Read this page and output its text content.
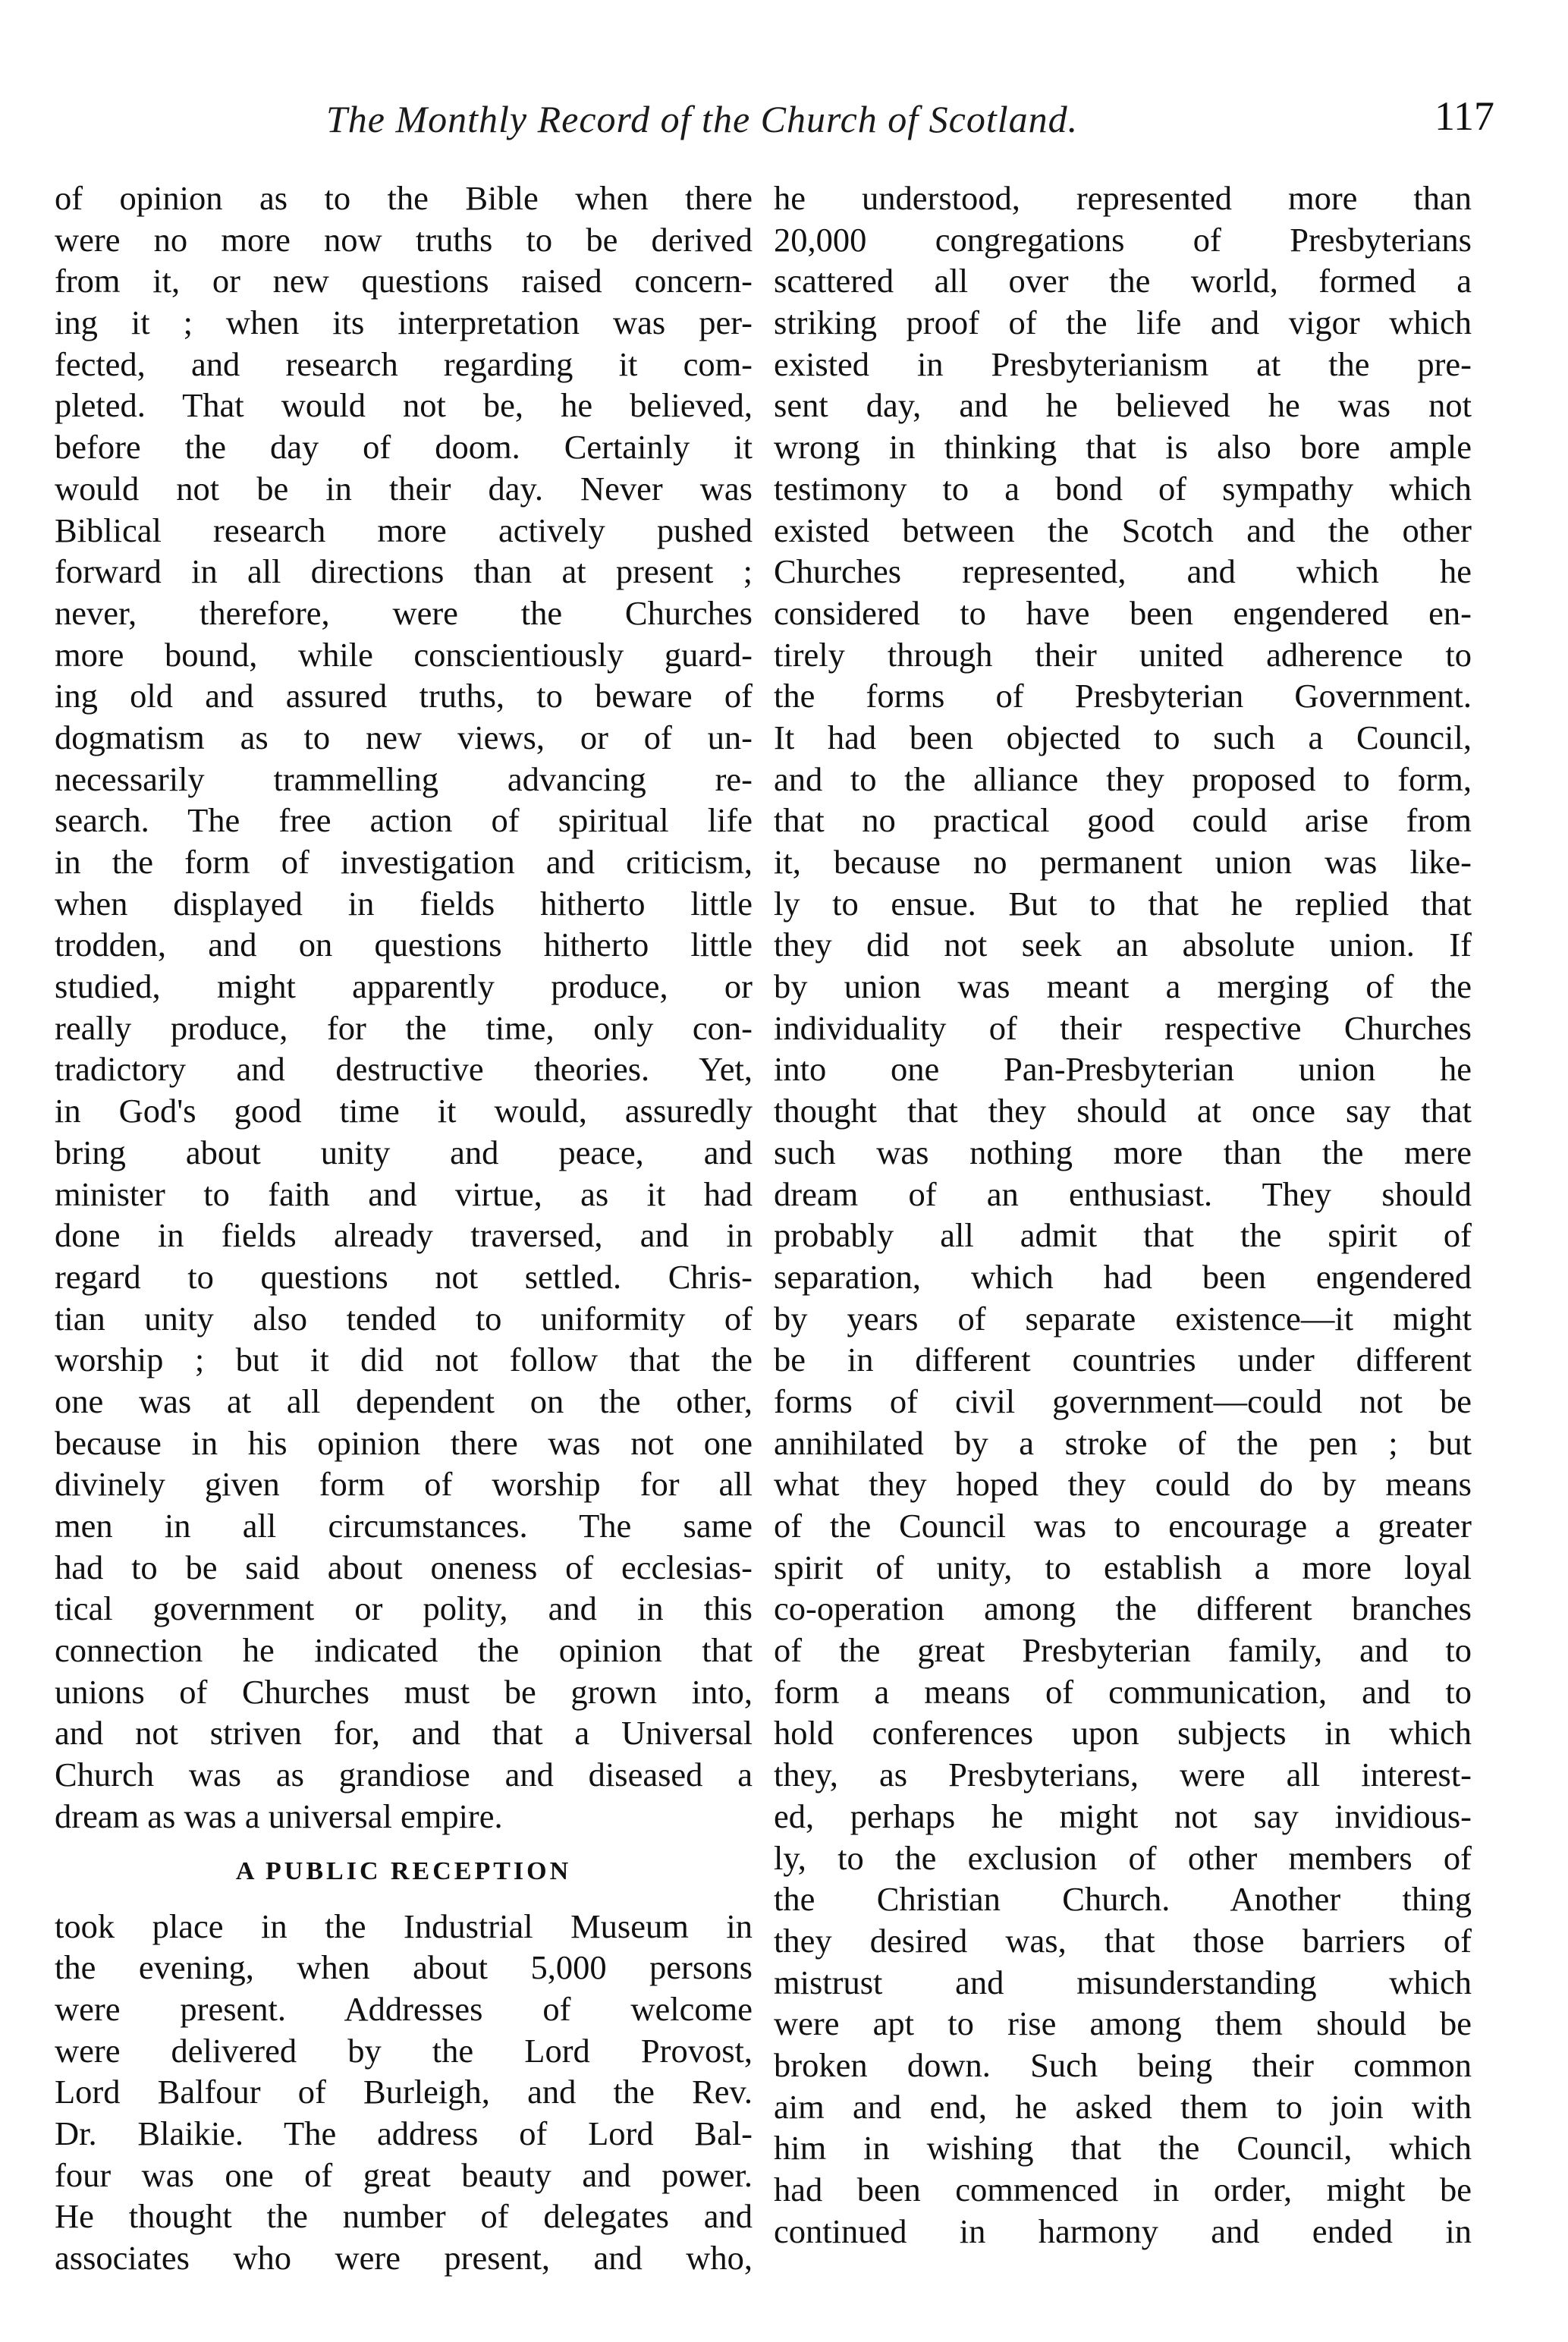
The Monthly Record of the Church of Scotland.	117
of opinion as to the Bible when there
were no more now truths to be derived
from it, or new questions raised concern-
ing it ; when its interpretation was per-
fected, and research regarding it com-
pleted. That would not be, he believed,
before the day of doom. Certainly it
would not be in their day. Never was
Biblical research more actively pushed
forward in all directions than at present ;
never, therefore, were the Churches
more bound, while conscientiously guard-
ing old and assured truths, to beware of
dogmatism as to new views, or of un-
necessarily trammelling advancing re-
search. The free action of spiritual life
in the form of investigation and criticism,
when displayed in fields hitherto little
trodden, and on questions hitherto little
studied, might apparently produce, or
really produce, for the time, only con-
tradictory and destructive theories. Yet,
in God's good time it would, assuredly
bring about unity and peace, and
minister to faith and virtue, as it had
done in fields already traversed, and in
regard to questions not settled. Chris-
tian unity also tended to uniformity of
worship ; but it did not follow that the
one was at all dependent on the other,
because in his opinion there was not one
divinely given form of worship for all
men in all circumstances. The same
had to be said about oneness of ecclesias-
tical government or polity, and in this
connection he indicated the opinion that
unions of Churches must be grown into,
and not striven for, and that a Universal
Church was as grandiose and diseased a
dream as was a universal empire.
A PUBLIC RECEPTION
took place in the Industrial Museum in
the evening, when about 5,000 persons
were present. Addresses of welcome
were delivered by the Lord Provost,
Lord Balfour of Burleigh, and the Rev.
Dr. Blaikie. The address of Lord Bal-
four was one of great beauty and power.
He thought the number of delegates and
associates who were present, and who,
he understood, represented more than
20,000 congregations of Presbyterians
scattered all over the world, formed a
striking proof of the life and vigor which
existed in Presbyterianism at the pre-
sent day, and he believed he was not
wrong in thinking that is also bore ample
testimony to a bond of sympathy which
existed between the Scotch and the other
Churches represented, and which he
considered to have been engendered en-
tirely through their united adherence to
the forms of Presbyterian Government.
It had been objected to such a Council,
and to the alliance they proposed to form,
that no practical good could arise from
it, because no permanent union was like-
ly to ensue. But to that he replied that
they did not seek an absolute union. If
by union was meant a merging of the
individuality of their respective Churches
into one Pan-Presbyterian union he
thought that they should at once say that
such was nothing more than the mere
dream of an enthusiast. They should
probably all admit that the spirit of
separation, which had been engendered
by years of separate existence—it might
be in different countries under different
forms of civil government—could not be
annihilated by a stroke of the pen ; but
what they hoped they could do by means
of the Council was to encourage a greater
spirit of unity, to establish a more loyal
co-operation among the different branches
of the great Presbyterian family, and to
form a means of communication, and to
hold conferences upon subjects in which
they, as Presbyterians, were all interest-
ed, perhaps he might not say invidious-
ly, to the exclusion of other members of
the Christian Church. Another thing
they desired was, that those barriers of
mistrust and misunderstanding which
were apt to rise among them should be
broken down. Such being their common
aim and end, he asked them to join with
him in wishing that the Council, which
had been commenced in order, might be
continued in harmony and ended in
